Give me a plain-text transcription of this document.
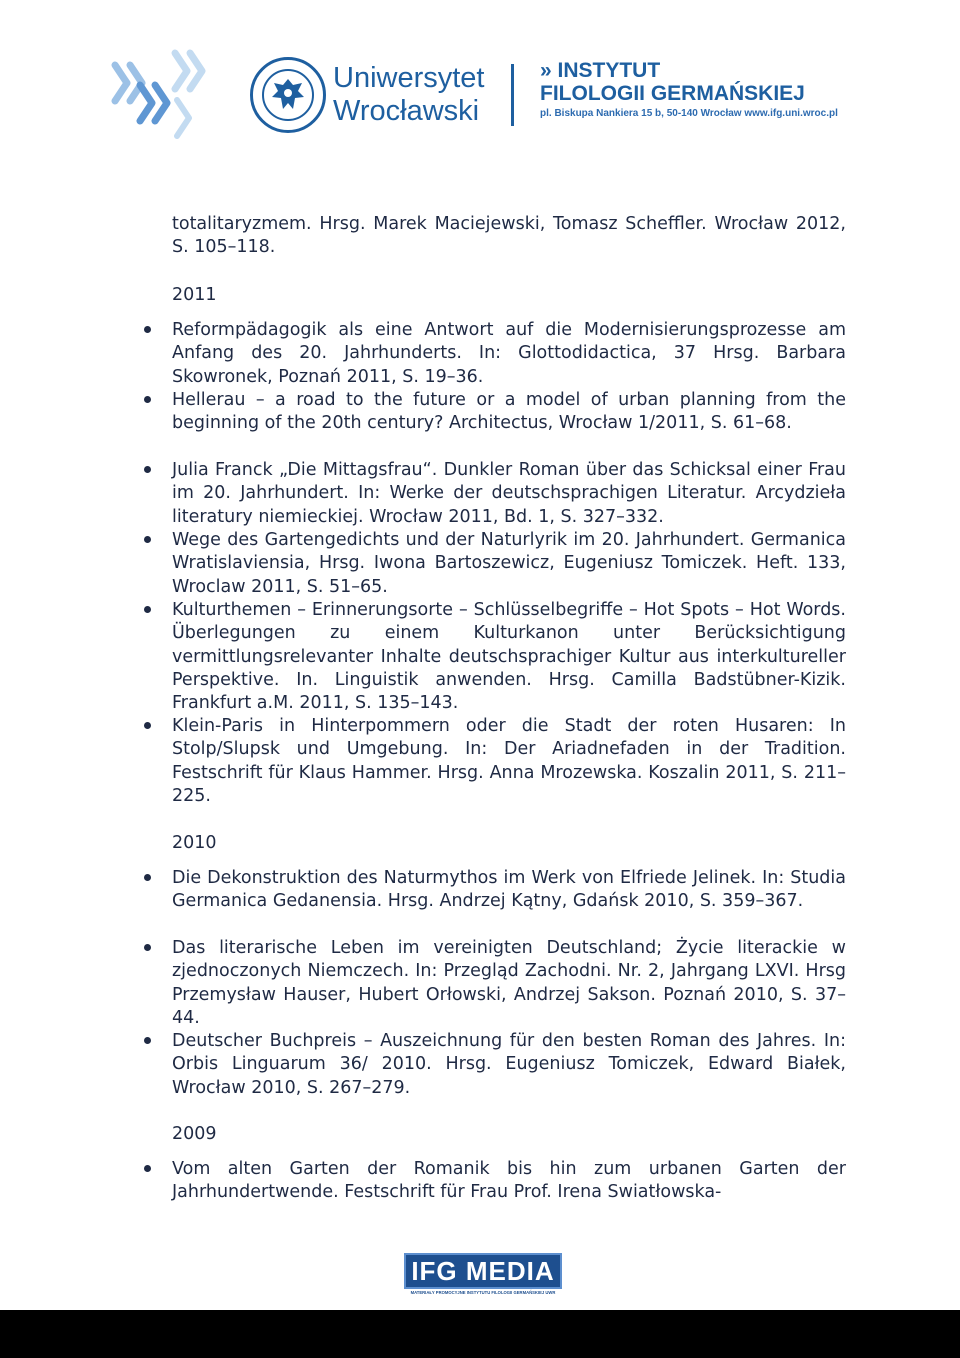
Uniwersytet
Wrocławski
» INSTYTUT
FILOLOGII GERMAŃSKIEJ
pl. Biskupa Nankiera 15 b, 50-140 Wrocław www.ifg.uni.wroc.pl
totalitaryzmem. Hrsg. Marek Maciejewski, Tomasz Scheffler. Wrocław 2012, S. 105–118.
2011
Reformpädagogik als eine Antwort auf die Modernisierungsprozesse am Anfang des 20. Jahrhunderts. In: Glottodidactica, 37 Hrsg. Barbara Skowronek, Poznań 2011, S. 19–36.
Hellerau – a road to the future or a model of urban planning from the beginning of the 20th century? Architectus, Wrocław 1/2011, S. 61–68.
Julia Franck „Die Mittagsfrau“. Dunkler Roman über das Schicksal einer Frau im 20. Jahrhundert. In: Werke der deutschsprachigen Literatur. Arcydzieła literatury niemieckiej. Wrocław 2011, Bd. 1, S. 327–332.
Wege des Gartengedichts und der Naturlyrik im 20. Jahrhundert. Germanica Wratislaviensia, Hrsg. Iwona Bartoszewicz, Eugeniusz Tomiczek. Heft. 133, Wroclaw 2011, S. 51–65.
Kulturthemen – Erinnerungsorte – Schlüsselbegriffe – Hot Spots – Hot Words. Überlegungen zu einem Kulturkanon unter Berücksichtigung vermittlungsrelevanter Inhalte deutschsprachiger Kultur aus interkultureller Perspektive. In. Linguistik anwenden. Hrsg. Camilla Badstübner-Kizik. Frankfurt a.M. 2011, S. 135–143.
Klein-Paris in Hinterpommern oder die Stadt der roten Husaren: In Stolp/Slupsk und Umgebung. In: Der Ariadnefaden in der Tradition. Festschrift für Klaus Hammer. Hrsg. Anna Mrozewska. Koszalin 2011, S. 211–225.
2010
Die Dekonstruktion des Naturmythos im Werk von Elfriede Jelinek. In: Studia Germanica Gedanensia. Hrsg. Andrzej Kątny, Gdańsk 2010, S. 359–367.
Das literarische Leben im vereinigten Deutschland; Życie literackie w zjednoczonych Niemczech. In: Przegląd Zachodni. Nr. 2, Jahrgang LXVI. Hrsg Przemysław Hauser, Hubert Orłowski, Andrzej Sakson. Poznań 2010, S. 37–44.
Deutscher Buchpreis – Auszeichnung für den besten Roman des Jahres. In: Orbis Linguarum 36/ 2010. Hrsg. Eugeniusz Tomiczek, Edward Białek, Wrocław 2010, S. 267–279.
2009
Vom alten Garten der Romanik bis hin zum urbanen Garten der Jahrhundertwende. Festschrift für Frau Prof. Irena Swiatłowska-
IFG MEDIA
MATERIAŁY PROMOCYJNE INSTYTUTU FILOLOGII GERMAŃSKIEJ UWR
